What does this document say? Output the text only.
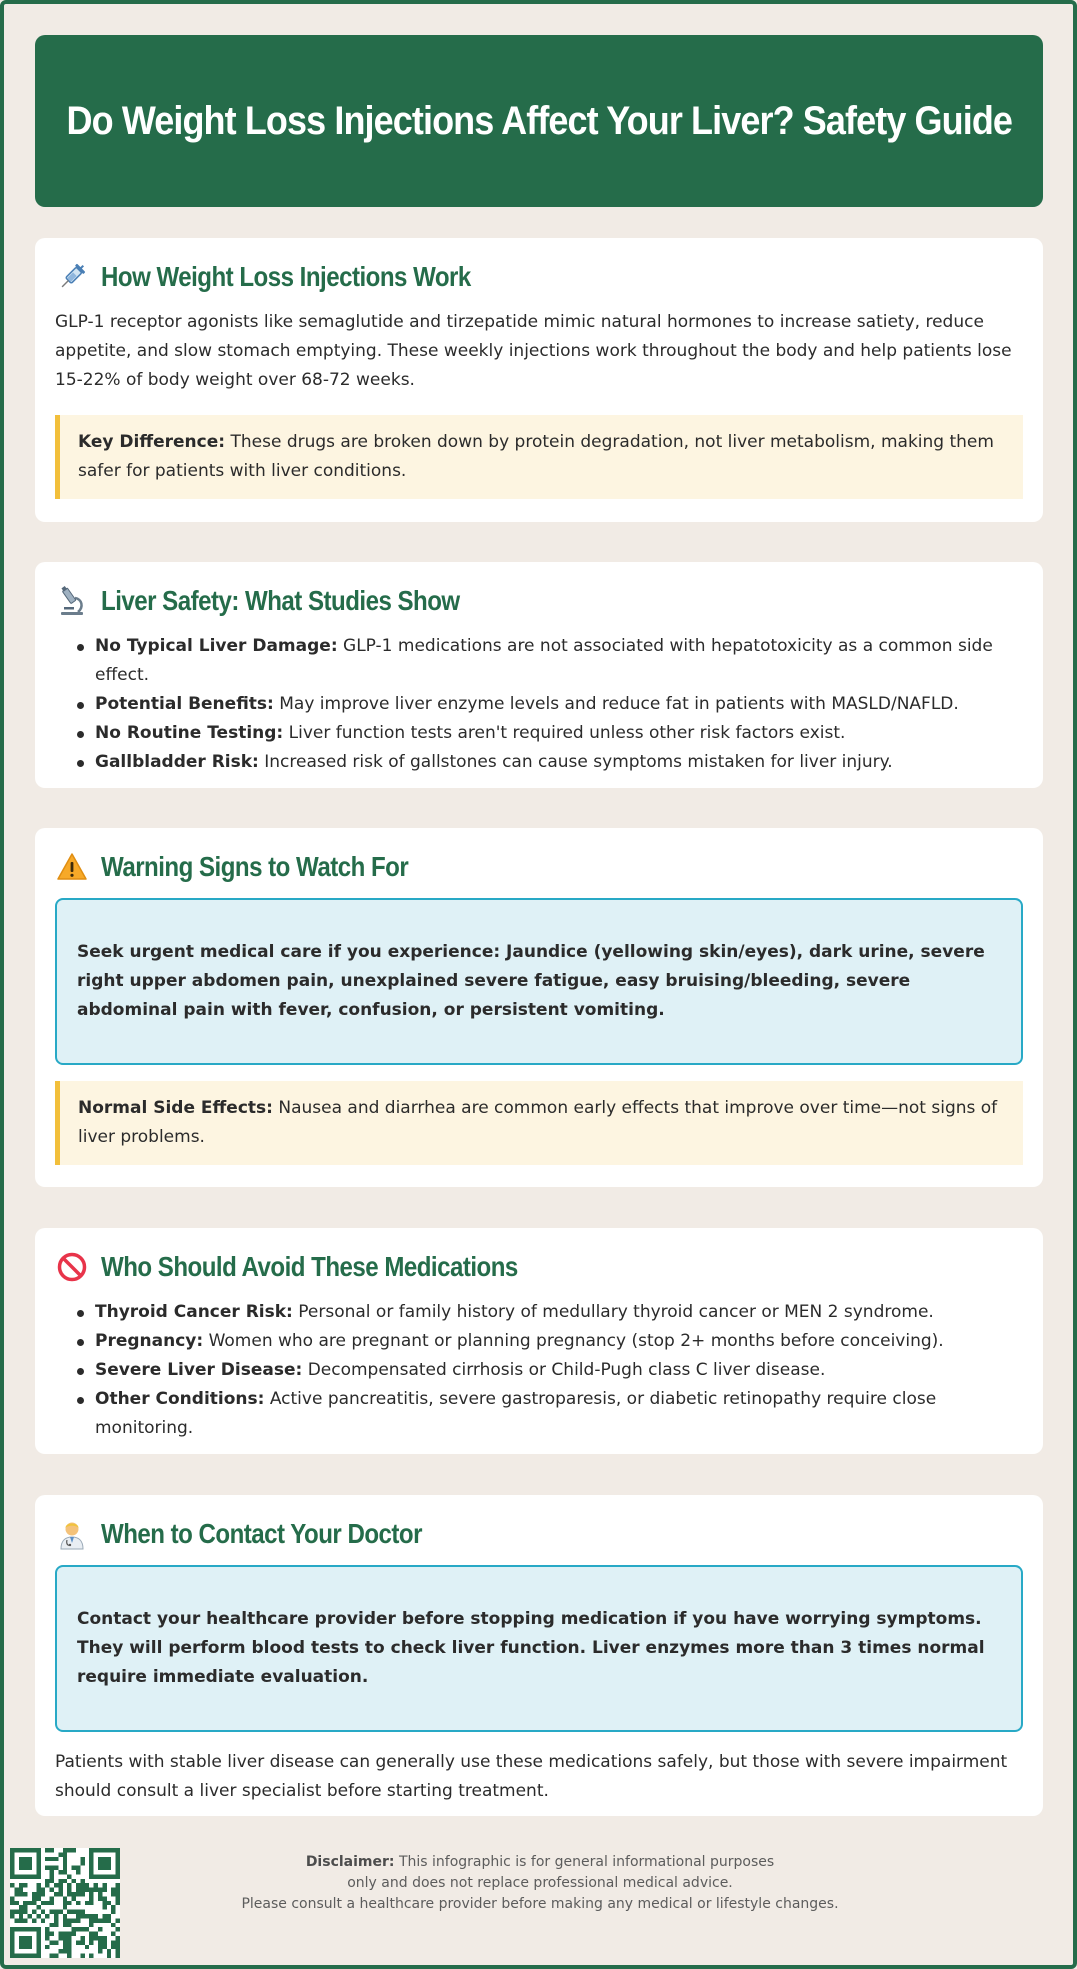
Do Weight Loss Injections Affect Your Liver? Safety Guide
How Weight Loss Injections Work

GLP-1 receptor agonists like semaglutide and tirzepatide mimic natural hormones to increase satiety, reduce appetite, and slow stomach emptying. These weekly injections work throughout the body and help patients lose 15-22% of body weight over 68-72 weeks.

Key Difference: These drugs are broken down by protein degradation, not liver metabolism, making them safer for patients with liver conditions.
Liver Safety: What Studies Show
No Typical Liver Damage: GLP-1 medications are not associated with hepatotoxicity as a common side effect.
Potential Benefits: May improve liver enzyme levels and reduce fat in patients with MASLD/NAFLD.
No Routine Testing: Liver function tests aren't required unless other risk factors exist.
Gallbladder Risk: Increased risk of gallstones can cause symptoms mistaken for liver injury.
Warning Signs to Watch For
Seek urgent medical care if you experience: Jaundice (yellowing skin/eyes), dark urine, severe right upper abdomen pain, unexplained severe fatigue, easy bruising/bleeding, severe abdominal pain with fever, confusion, or persistent vomiting.
Normal Side Effects: Nausea and diarrhea are common early effects that improve over time—not signs of liver problems.
Who Should Avoid These Medications
Thyroid Cancer Risk: Personal or family history of medullary thyroid cancer or MEN 2 syndrome.
Pregnancy: Women who are pregnant or planning pregnancy (stop 2+ months before conceiving).
Severe Liver Disease: Decompensated cirrhosis or Child-Pugh class C liver disease.
Other Conditions: Active pancreatitis, severe gastroparesis, or diabetic retinopathy require close monitoring.
When to Contact Your Doctor
Contact your healthcare provider before stopping medication if you have worrying symptoms. They will perform blood tests to check liver function. Liver enzymes more than 3 times normal require immediate evaluation.

Patients with stable liver disease can generally use these medications safely, but those with severe impairment should consult a liver specialist before starting treatment.

Disclaimer: This infographic is for general informational purposes
only and does not replace professional medical advice.
Please consult a healthcare provider before making any medical or lifestyle changes.
